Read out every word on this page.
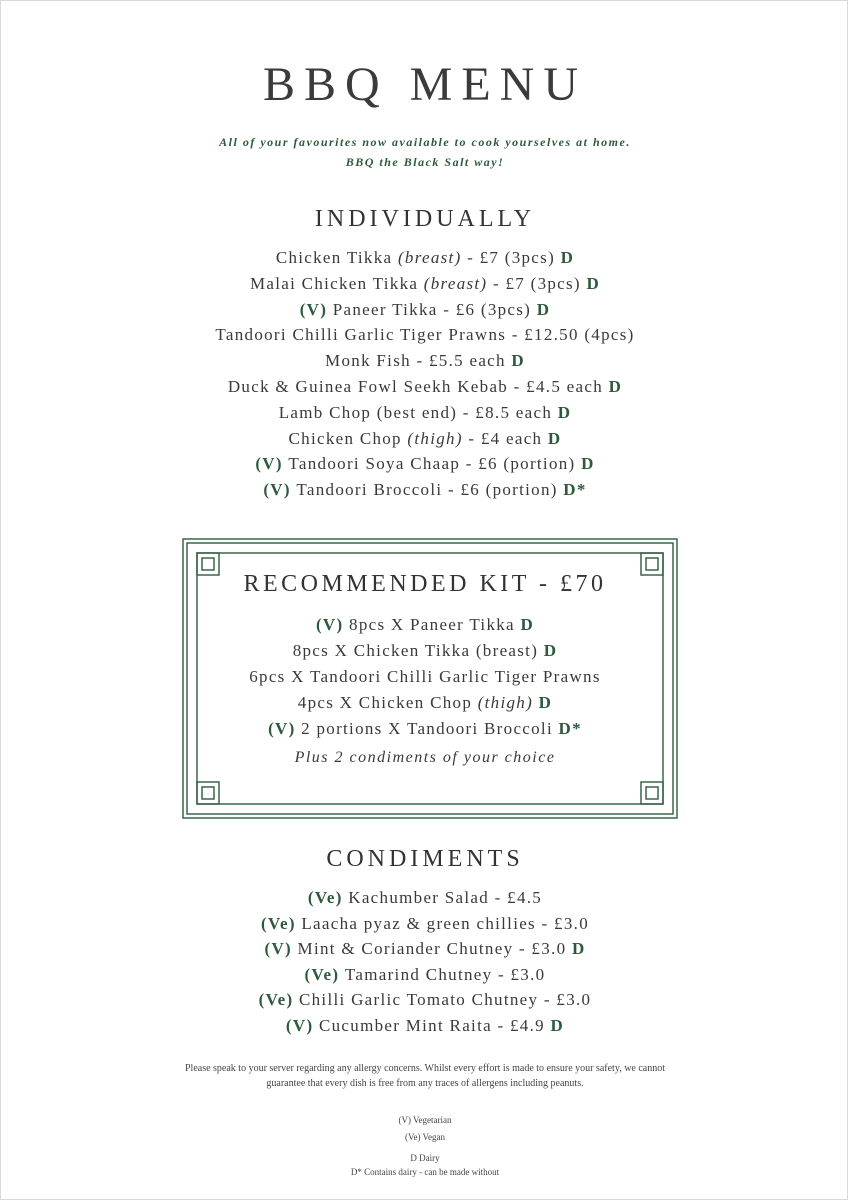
BBQ MENU
All of your favourites now available to cook yourselves at home.
BBQ the Black Salt way!
INDIVIDUALLY
Chicken Tikka (breast) - £7 (3pcs) D
Malai Chicken Tikka (breast) - £7 (3pcs) D
(V) Paneer Tikka - £6 (3pcs) D
Tandoori Chilli Garlic Tiger Prawns - £12.50 (4pcs)
Monk Fish - £5.5 each D
Duck & Guinea Fowl Seekh Kebab - £4.5 each D
Lamb Chop (best end) - £8.5 each D
Chicken Chop (thigh) - £4 each D
(V) Tandoori Soya Chaap - £6 (portion) D
(V) Tandoori Broccoli - £6 (portion) D*
RECOMMENDED KIT - £70
(V) 8pcs X Paneer Tikka D
8pcs X Chicken Tikka (breast) D
6pcs X Tandoori Chilli Garlic Tiger Prawns
4pcs X Chicken Chop (thigh) D
(V) 2 portions X Tandoori Broccoli D*
Plus 2 condiments of your choice
CONDIMENTS
(Ve) Kachumber Salad - £4.5
(Ve) Laacha pyaz & green chillies - £3.0
(V) Mint & Coriander Chutney - £3.0 D
(Ve) Tamarind Chutney - £3.0
(Ve) Chilli Garlic Tomato Chutney - £3.0
(V) Cucumber Mint Raita - £4.9 D
Please speak to your server regarding any allergy concerns. Whilst every effort is made to ensure your safety, we cannot
guarantee that every dish is free from any traces of allergens including peanuts.
(V) Vegetarian
(Ve) Vegan
D Dairy
D* Contains dairy - can be made without
